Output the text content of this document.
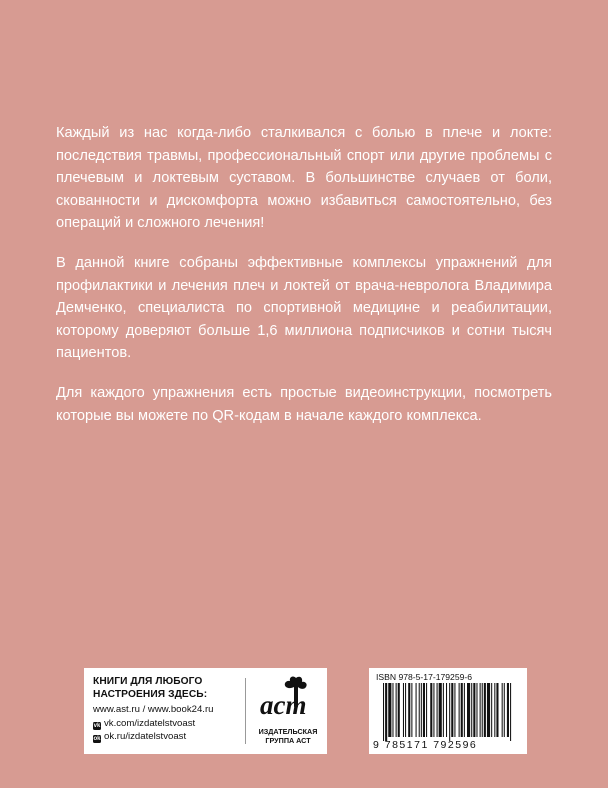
Каждый из нас когда-либо сталкивался с болью в плече и локте: последствия травмы, профессиональный спорт или другие проблемы с плечевым и локтевым суставом. В большинстве случаев от боли, скованности и дискомфорта можно избавиться самостоятельно, без операций и сложного лечения!

В данной книге собраны эффективные комплексы упражнений для профилактики и лечения плеч и локтей от врача-невролога Владимира Демченко, специалиста по спортивной медицине и реабилитации, которому доверяют больше 1,6 миллиона подписчиков и сотни тысяч пациентов.

Для каждого упражнения есть простые видеоинструкции, посмотреть которые вы можете по QR-кодам в начале каждого комплекса.

КНИГИ ДЛЯ ЛЮБОГО
НАСТРОЕНИЯ ЗДЕСЬ:
www.ast.ru / www.book24.ru
vk vk.com/izdatelstvoast
ok ok.ru/izdatelstvoast
аст
ИЗДАТЕЛЬСКАЯ
ГРУППА АСТ
ISBN 978-5-17-179259-6
9 785171 792596
